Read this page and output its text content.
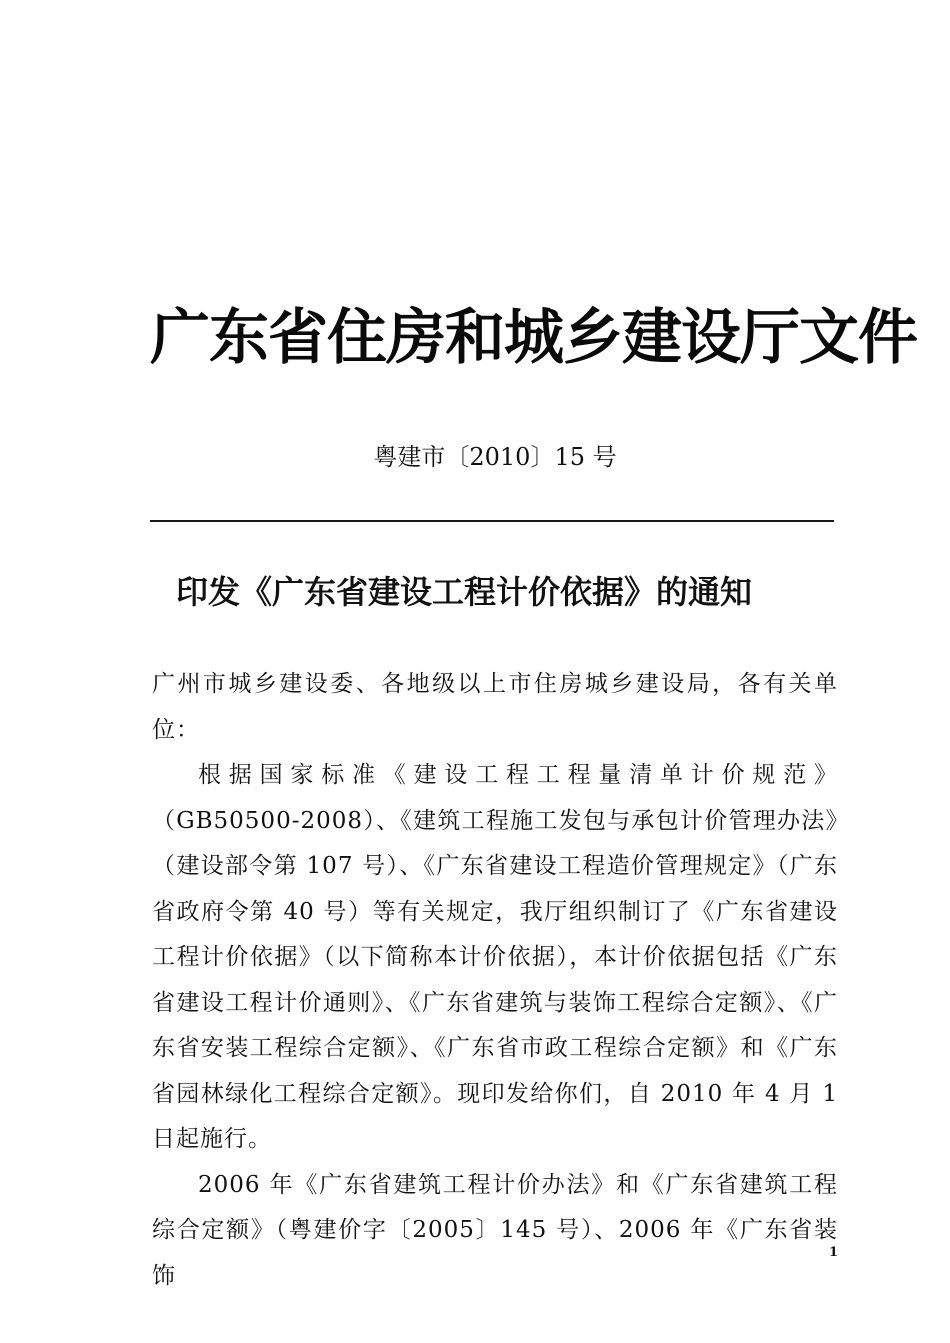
广东省住房和城乡建设厅文件
粤建市〔2010〕15 号
印发《广东省建设工程计价依据》的通知

广州市城乡建设委、各地级以上市住房城乡建设局，各有关单位：

根据国家标准《建设工程工程量清单计价规范》（GB50500-2008）、《建筑工程施工发包与承包计价管理办法》（建设部令第 107 号）、《广东省建设工程造价管理规定》（广东省政府令第 40 号）等有关规定，我厅组织制订了《广东省建设工程计价依据》（以下简称本计价依据），本计价依据包括《广东省建设工程计价通则》、《广东省建筑与装饰工程综合定额》、《广东省安装工程综合定额》、《广东省市政工程综合定额》和《广东省园林绿化工程综合定额》。现印发给你们，自 2010 年 4 月 1 日起施行。

2006 年《广东省建筑工程计价办法》和《广东省建筑工程综合定额》（粤建价字〔2005〕145 号）、2006 年《广东省装饰

1
